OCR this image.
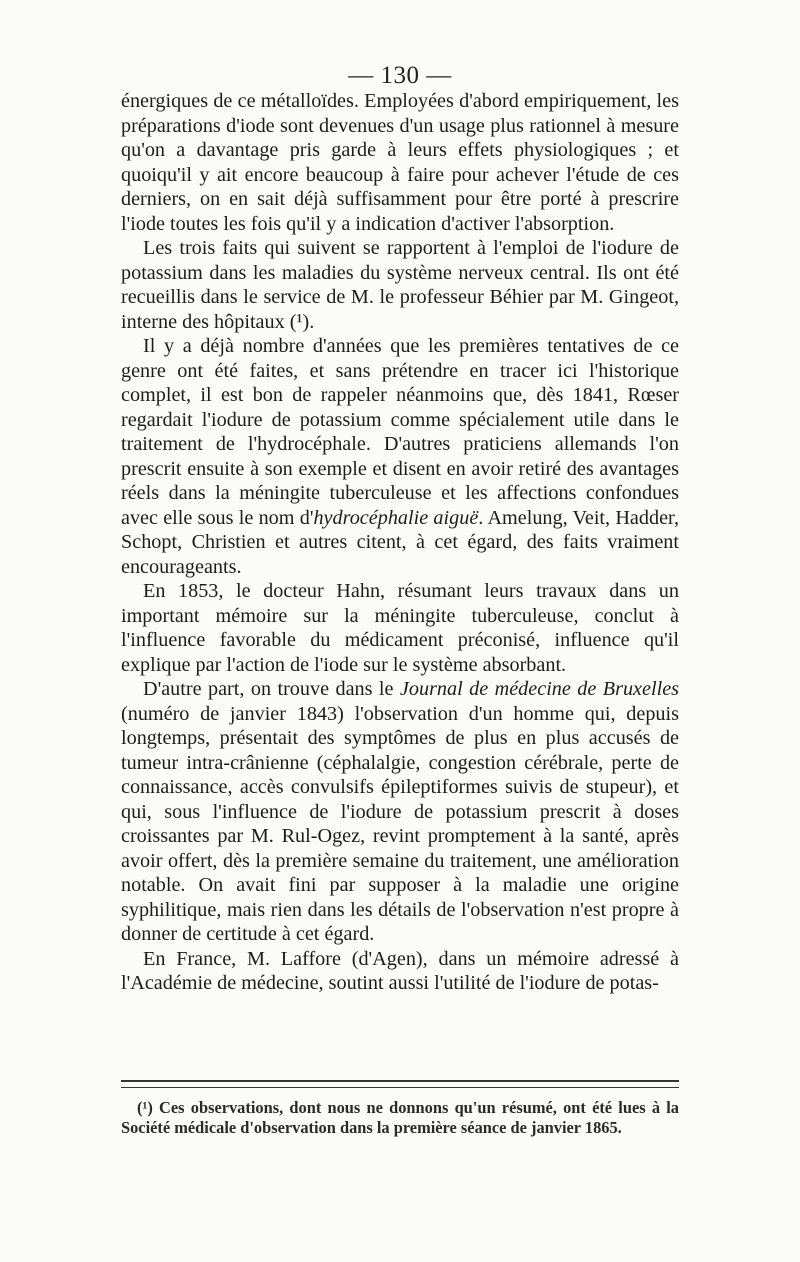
— 130 —

énergiques de ce métalloïdes. Employées d'abord empiriquement, les préparations d'iode sont devenues d'un usage plus rationnel à mesure qu'on a davantage pris garde à leurs effets physiologiques ; et quoiqu'il y ait encore beaucoup à faire pour achever l'étude de ces derniers, on en sait déjà suffisamment pour être porté à prescrire l'iode toutes les fois qu'il y a indication d'activer l'absorption.

Les trois faits qui suivent se rapportent à l'emploi de l'iodure de potassium dans les maladies du système nerveux central. Ils ont été recueillis dans le service de M. le professeur Béhier par M. Gingeot, interne des hôpitaux (¹).

Il y a déjà nombre d'années que les premières tentatives de ce genre ont été faites, et sans prétendre en tracer ici l'historique complet, il est bon de rappeler néanmoins que, dès 1841, Rœser regardait l'iodure de potassium comme spécialement utile dans le traitement de l'hydrocéphale. D'autres praticiens allemands l'on prescrit ensuite à son exemple et disent en avoir retiré des avantages réels dans la méningite tuberculeuse et les affections confondues avec elle sous le nom d'hydrocéphalie aiguë. Amelung, Veit, Hadder, Schopt, Christien et autres citent, à cet égard, des faits vraiment encourageants.

En 1853, le docteur Hahn, résumant leurs travaux dans un important mémoire sur la méningite tuberculeuse, conclut à l'influence favorable du médicament préconisé, influence qu'il explique par l'action de l'iode sur le système absorbant.

D'autre part, on trouve dans le Journal de médecine de Bruxelles (numéro de janvier 1843) l'observation d'un homme qui, depuis longtemps, présentait des symptômes de plus en plus accusés de tumeur intra-crânienne (céphalalgie, congestion cérébrale, perte de connaissance, accès convulsifs épileptiformes suivis de stupeur), et qui, sous l'influence de l'iodure de potassium prescrit à doses croissantes par M. Rul-Ogez, revint promptement à la santé, après avoir offert, dès la première semaine du traitement, une amélioration notable. On avait fini par supposer à la maladie une origine syphilitique, mais rien dans les détails de l'observation n'est propre à donner de certitude à cet égard.

En France, M. Laffore (d'Agen), dans un mémoire adressé à l'Académie de médecine, soutint aussi l'utilité de l'iodure de potas-

(¹) Ces observations, dont nous ne donnons qu'un résumé, ont été lues à la Société médicale d'observation dans la première séance de janvier 1865.
